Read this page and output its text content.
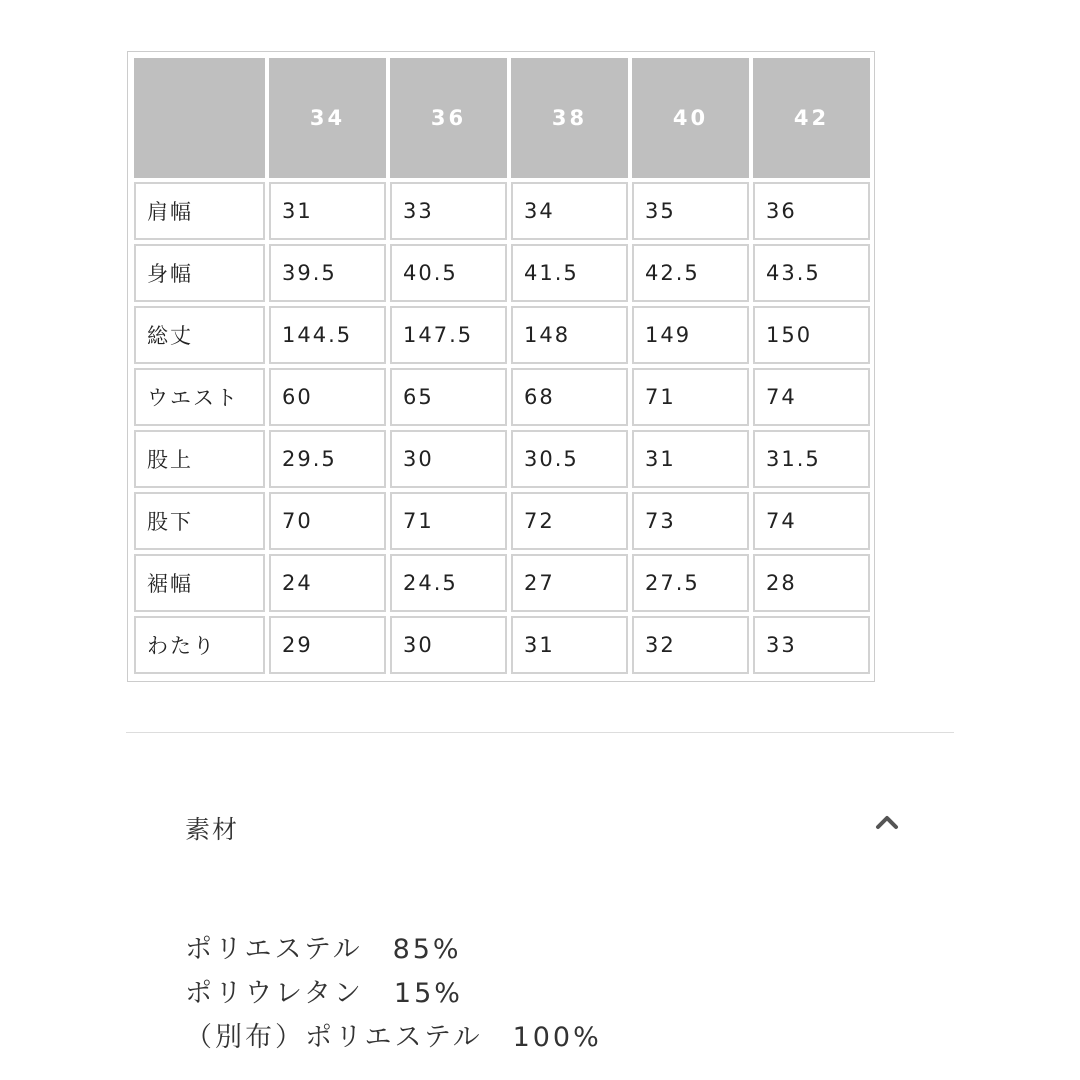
	34	36	38	40	42
肩幅	31	33	34	35	36
身幅	39.5	40.5	41.5	42.5	43.5
総丈	144.5	147.5	148	149	150
ウエスト	60	65	68	71	74
股上	29.5	30	30.5	31	31.5
股下	70	71	72	73	74
裾幅	24	24.5	27	27.5	28
わたり	29	30	31	32	33
素材
ポリエステル　85%
ポリウレタン　15%
（別布）ポリエステル　100%
